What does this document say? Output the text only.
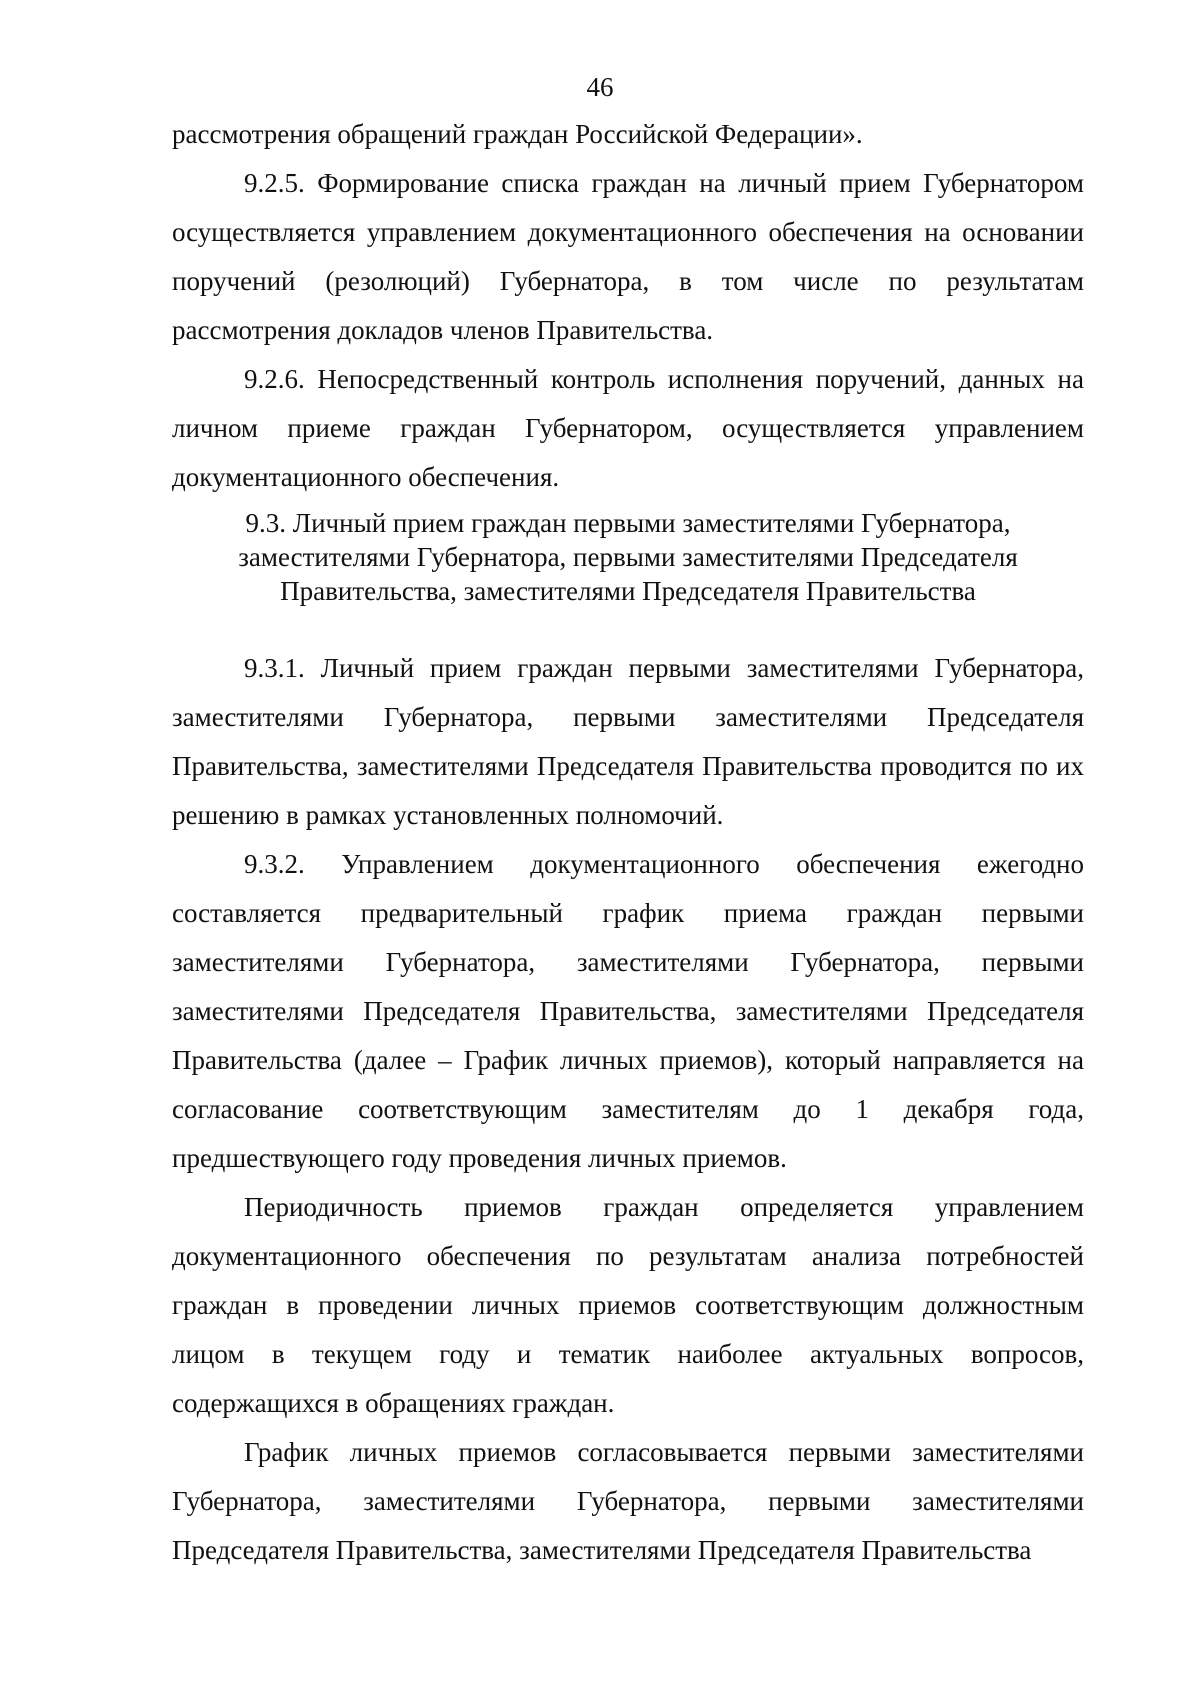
46

рассмотрения обращений граждан Российской Федерации».

9.2.5. Формирование списка граждан на личный прием Губернатором осуществляется управлением документационного обеспечения на основании поручений (резолюций) Губернатора, в том числе по результатам рассмотрения докладов членов Правительства.

9.2.6. Непосредственный контроль исполнения поручений, данных на личном приеме граждан Губернатором, осуществляется управлением документационного обеспечения.

9.3. Личный прием граждан первыми заместителями Губернатора,
заместителями Губернатора, первыми заместителями Председателя
Правительства, заместителями Председателя Правительства

9.3.1. Личный прием граждан первыми заместителями Губернатора, заместителями Губернатора, первыми заместителями Председателя Правительства, заместителями Председателя Правительства проводится по их решению в рамках установленных полномочий.

9.3.2. Управлением документационного обеспечения ежегодно составляется предварительный график приема граждан первыми заместителями Губернатора, заместителями Губернатора, первыми заместителями Председателя Правительства, заместителями Председателя Правительства (далее – График личных приемов), который направляется на согласование соответствующим заместителям до 1 декабря года, предшествующего году проведения личных приемов.

Периодичность приемов граждан определяется управлением документационного обеспечения по результатам анализа потребностей граждан в проведении личных приемов соответствующим должностным лицом в текущем году и тематик наиболее актуальных вопросов, содержащихся в обращениях граждан.

График личных приемов согласовывается первыми заместителями Губернатора, заместителями Губернатора, первыми заместителями Председателя Правительства, заместителями Председателя Правительства
